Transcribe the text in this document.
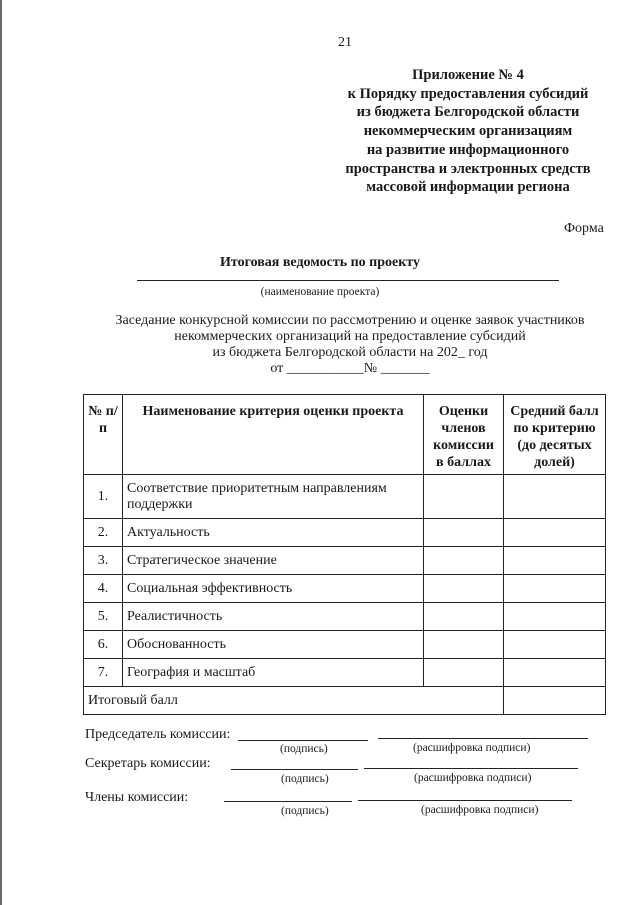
21
Приложение № 4
к Порядку предоставления субсидий
из бюджета Белгородской области
некоммерческим организациям
на развитие информационного
пространства и электронных средств
массовой информации региона
Форма
Итоговая ведомость по проекту
(наименование проекта)
Заседание конкурсной комиссии по рассмотрению и оценке заявок участников
некоммерческих организаций на предоставление субсидий
из бюджета Белгородской области на 202_ год
от ___________№ _______
№ п/п	Наименование критерия оценки проекта	Оценки членов комиссии в баллах	Средний балл по критерию (до десятых долей)
1.	Соответствие приоритетным направлениям поддержки		
2.	Актуальность		
3.	Стратегическое значение		
4.	Социальная эффективность		
5.	Реалистичность		
6.	Обоснованность		
7.	География и масштаб		
Итоговый балл			
Председатель комиссии:
(подпись)	(расшифровка подписи)
Секретарь комиссии:
(подпись)	(расшифровка подписи)
Члены комиссии:
(подпись)	(расшифровка подписи)
